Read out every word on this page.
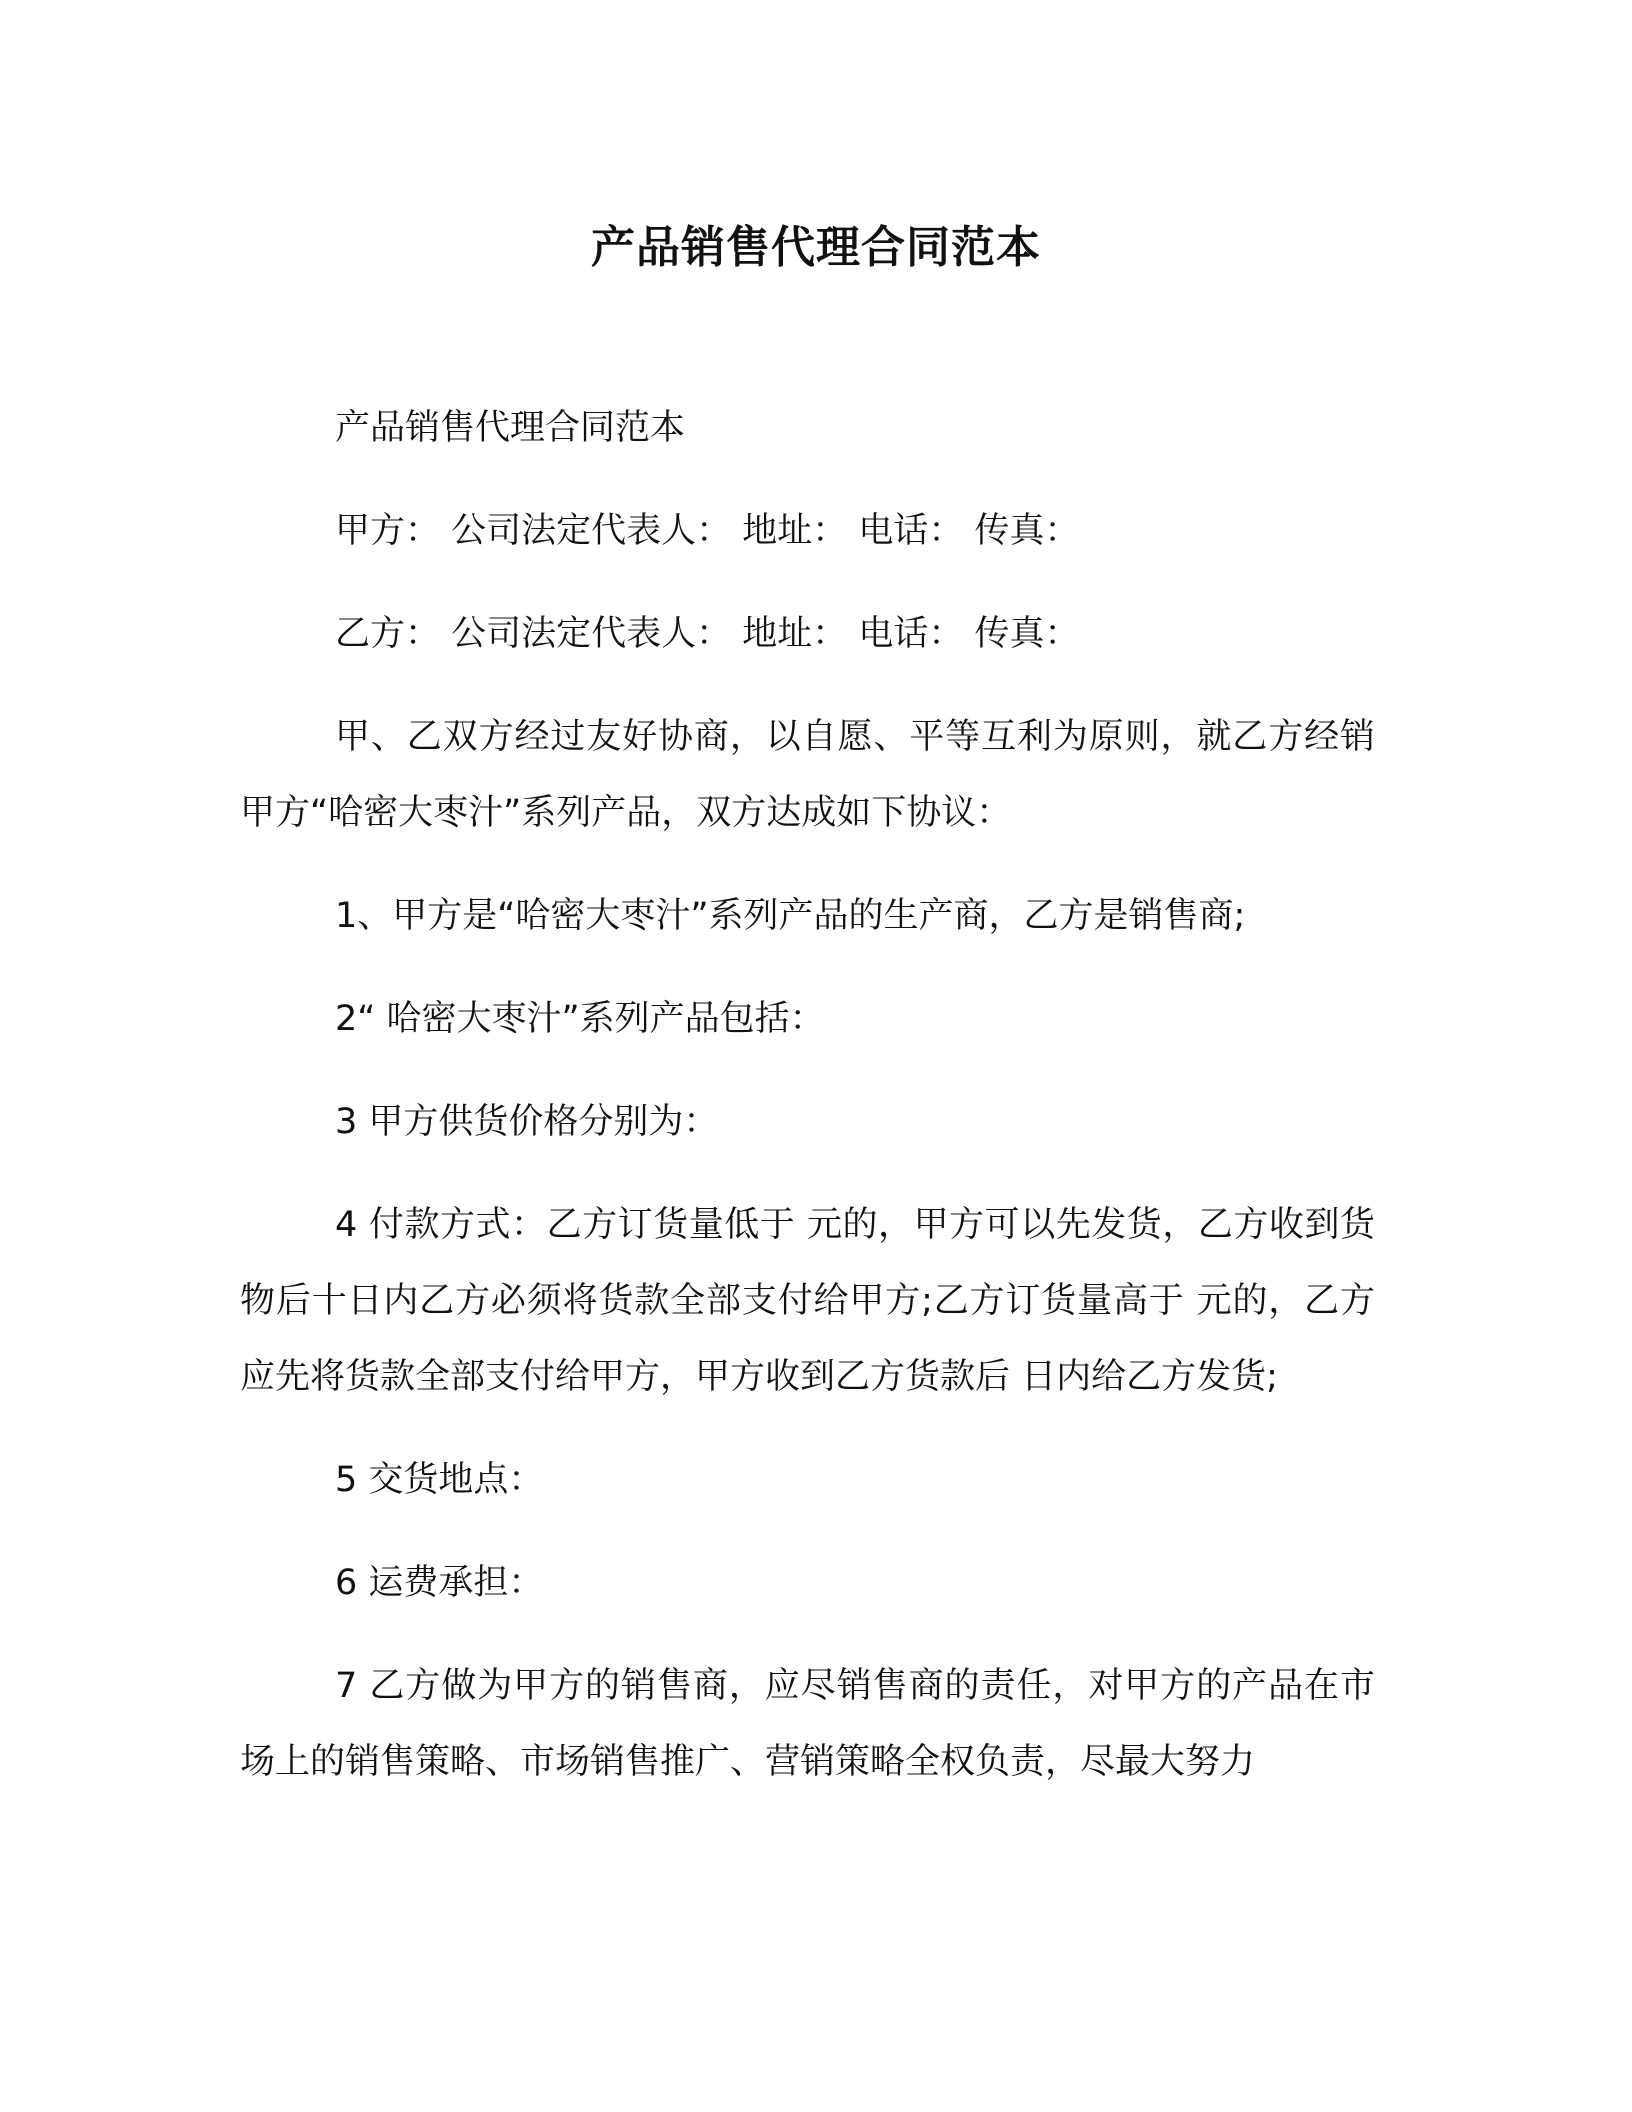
产品销售代理合同范本

产品销售代理合同范本

甲方： 公司法定代表人： 地址： 电话： 传真：

乙方： 公司法定代表人： 地址： 电话： 传真：

甲、乙双方经过友好协商，以自愿、平等互利为原则，就乙方经销甲方“哈密大枣汁”系列产品，双方达成如下协议：

1、甲方是“哈密大枣汁”系列产品的生产商，乙方是销售商;

2“ 哈密大枣汁”系列产品包括：

3 甲方供货价格分别为：

4 付款方式：乙方订货量低于 元的，甲方可以先发货，乙方收到货物后十日内乙方必须将货款全部支付给甲方;乙方订货量高于 元的，乙方应先将货款全部支付给甲方，甲方收到乙方货款后 日内给乙方发货;

5 交货地点：

6 运费承担：

7 乙方做为甲方的销售商，应尽销售商的责任，对甲方的产品在市场上的销售策略、市场销售推广、营销策略全权负责，尽最大努力
